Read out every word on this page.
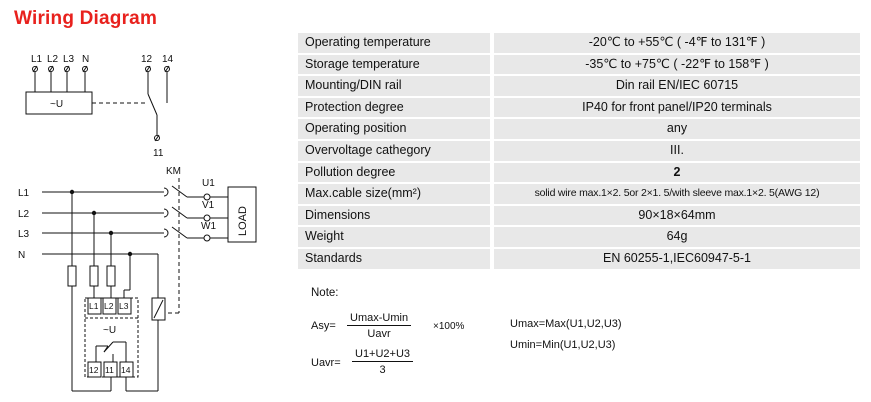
Wiring Diagram
L1 L2 L3 N	12 14
~U
11
KM
L1
L2
L3
N
U1
V1
W1 LOAD
L1 L2 L3
~U
12 11 14
Operating temperature		-20℃ to +55℃ ( -4℉ to 131℉ )
Storage temperature		-35℃ to +75℃ ( -22℉ to 158℉ )
Mounting/DIN rail		Din rail EN/IEC 60715
Protection degree		IP40 for front panel/IP20 terminals
Operating position		any
Overvoltage cathegory		III.
Pollution degree		2
Max.cable size(mm²)		solid wire max.1×2. 5or 2×1. 5/with sleeve max.1×2. 5(AWG 12)
Dimensions		90×18×64mm
Weight		64g
Standards		EN 60255-1,IEC60947-5-1
Note:
Asy=
Umax-Umin
Uavr
×100%
Uavr= $\frac{U1+U2+U3}{3}$
Umax=Max(U1,U2,U3)
Umin=Min(U1,U2,U3)
